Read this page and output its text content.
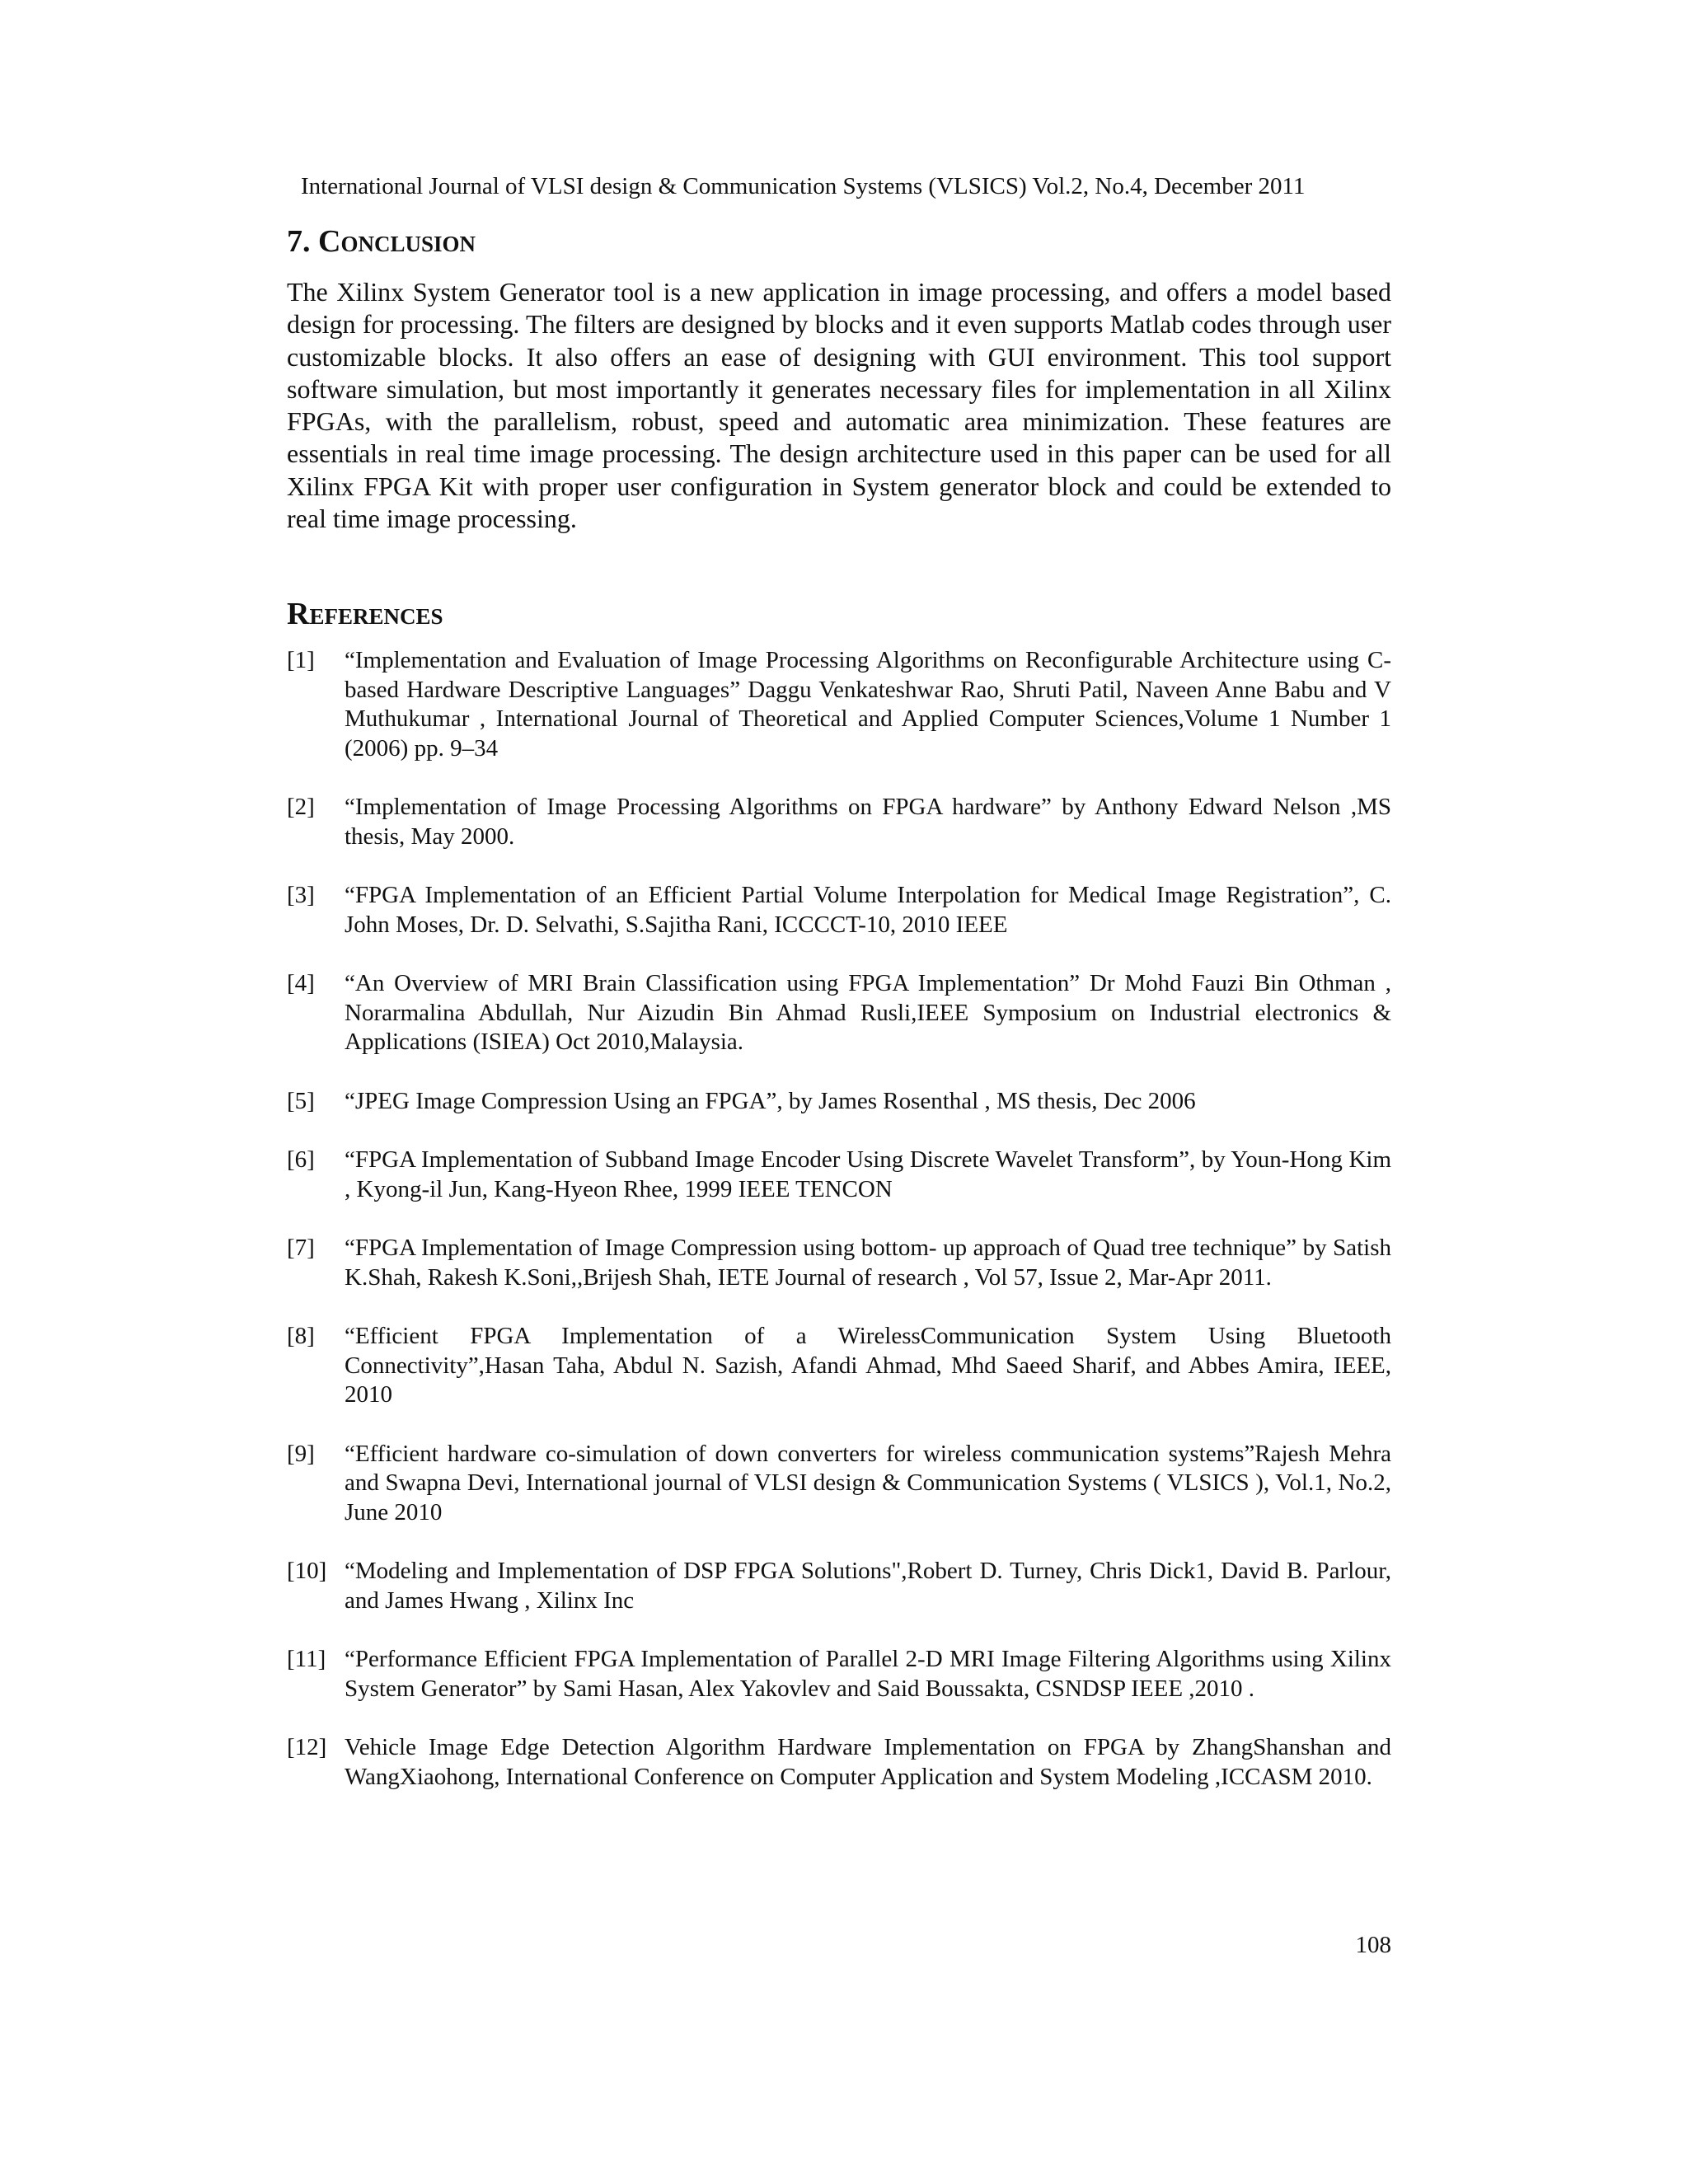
International Journal of VLSI design & Communication Systems (VLSICS) Vol.2, No.4, December 2011
7. Conclusion

The Xilinx System Generator tool is a new application in image processing, and offers a model based design for processing. The filters are designed by blocks and it even supports Matlab codes through user customizable blocks. It also offers an ease of designing with GUI environment. This tool support software simulation, but most importantly it generates necessary files for implementation in all Xilinx FPGAs, with the parallelism, robust, speed and automatic area minimization. These features are essentials in real time image processing. The design architecture used in this paper can be used for all Xilinx FPGA Kit with proper user configuration in System generator block and could be extended to real time image processing.

References
[1]	“Implementation and Evaluation of Image Processing Algorithms on Reconfigurable Architecture using C-based Hardware Descriptive Languages” Daggu Venkateshwar Rao, Shruti Patil, Naveen Anne Babu and V Muthukumar , International Journal of Theoretical and Applied Computer Sciences,Volume 1 Number 1 (2006) pp. 9–34
[2]	“Implementation of Image Processing Algorithms on FPGA hardware” by Anthony Edward Nelson ,MS thesis, May 2000.
[3]	“FPGA Implementation of an Efficient Partial Volume Interpolation for Medical Image Registration”, C. John Moses, Dr. D. Selvathi, S.Sajitha Rani, ICCCCT-10, 2010 IEEE
[4]	“An Overview of MRI Brain Classification using FPGA Implementation” Dr Mohd Fauzi Bin Othman , Norarmalina Abdullah, Nur Aizudin Bin Ahmad Rusli,IEEE Symposium on Industrial electronics & Applications (ISIEA) Oct 2010,Malaysia.
[5]	“JPEG Image Compression Using an FPGA”, by James Rosenthal , MS thesis, Dec 2006
[6]	“FPGA Implementation of Subband Image Encoder Using Discrete Wavelet Transform”, by Youn-Hong Kim , Kyong-il Jun, Kang-Hyeon Rhee, 1999 IEEE TENCON
[7]	“FPGA Implementation of Image Compression using bottom- up approach of Quad tree technique” by Satish K.Shah, Rakesh K.Soni,,Brijesh Shah, IETE Journal of research , Vol 57, Issue 2, Mar-Apr 2011.
[8]	“Efficient FPGA Implementation of a WirelessCommunication System Using Bluetooth Connectivity”,Hasan Taha, Abdul N. Sazish, Afandi Ahmad, Mhd Saeed Sharif, and Abbes Amira, IEEE, 2010
[9]	“Efficient hardware co-simulation of down converters for wireless communication systems”Rajesh Mehra and Swapna Devi, International journal of VLSI design & Communication Systems ( VLSICS ), Vol.1, No.2, June 2010
[10] “Modeling and Implementation of DSP FPGA Solutions",Robert D. Turney, Chris Dick1, David B. Parlour, and James Hwang , Xilinx Inc
[11] “Performance Efficient FPGA Implementation of Parallel 2-D MRI Image Filtering Algorithms using Xilinx System Generator” by Sami Hasan, Alex Yakovlev and Said Boussakta, CSNDSP IEEE ,2010 .
[12] Vehicle Image Edge Detection Algorithm Hardware Implementation on FPGA by ZhangShanshan and WangXiaohong, International Conference on Computer Application and System Modeling ,ICCASM 2010.
108
